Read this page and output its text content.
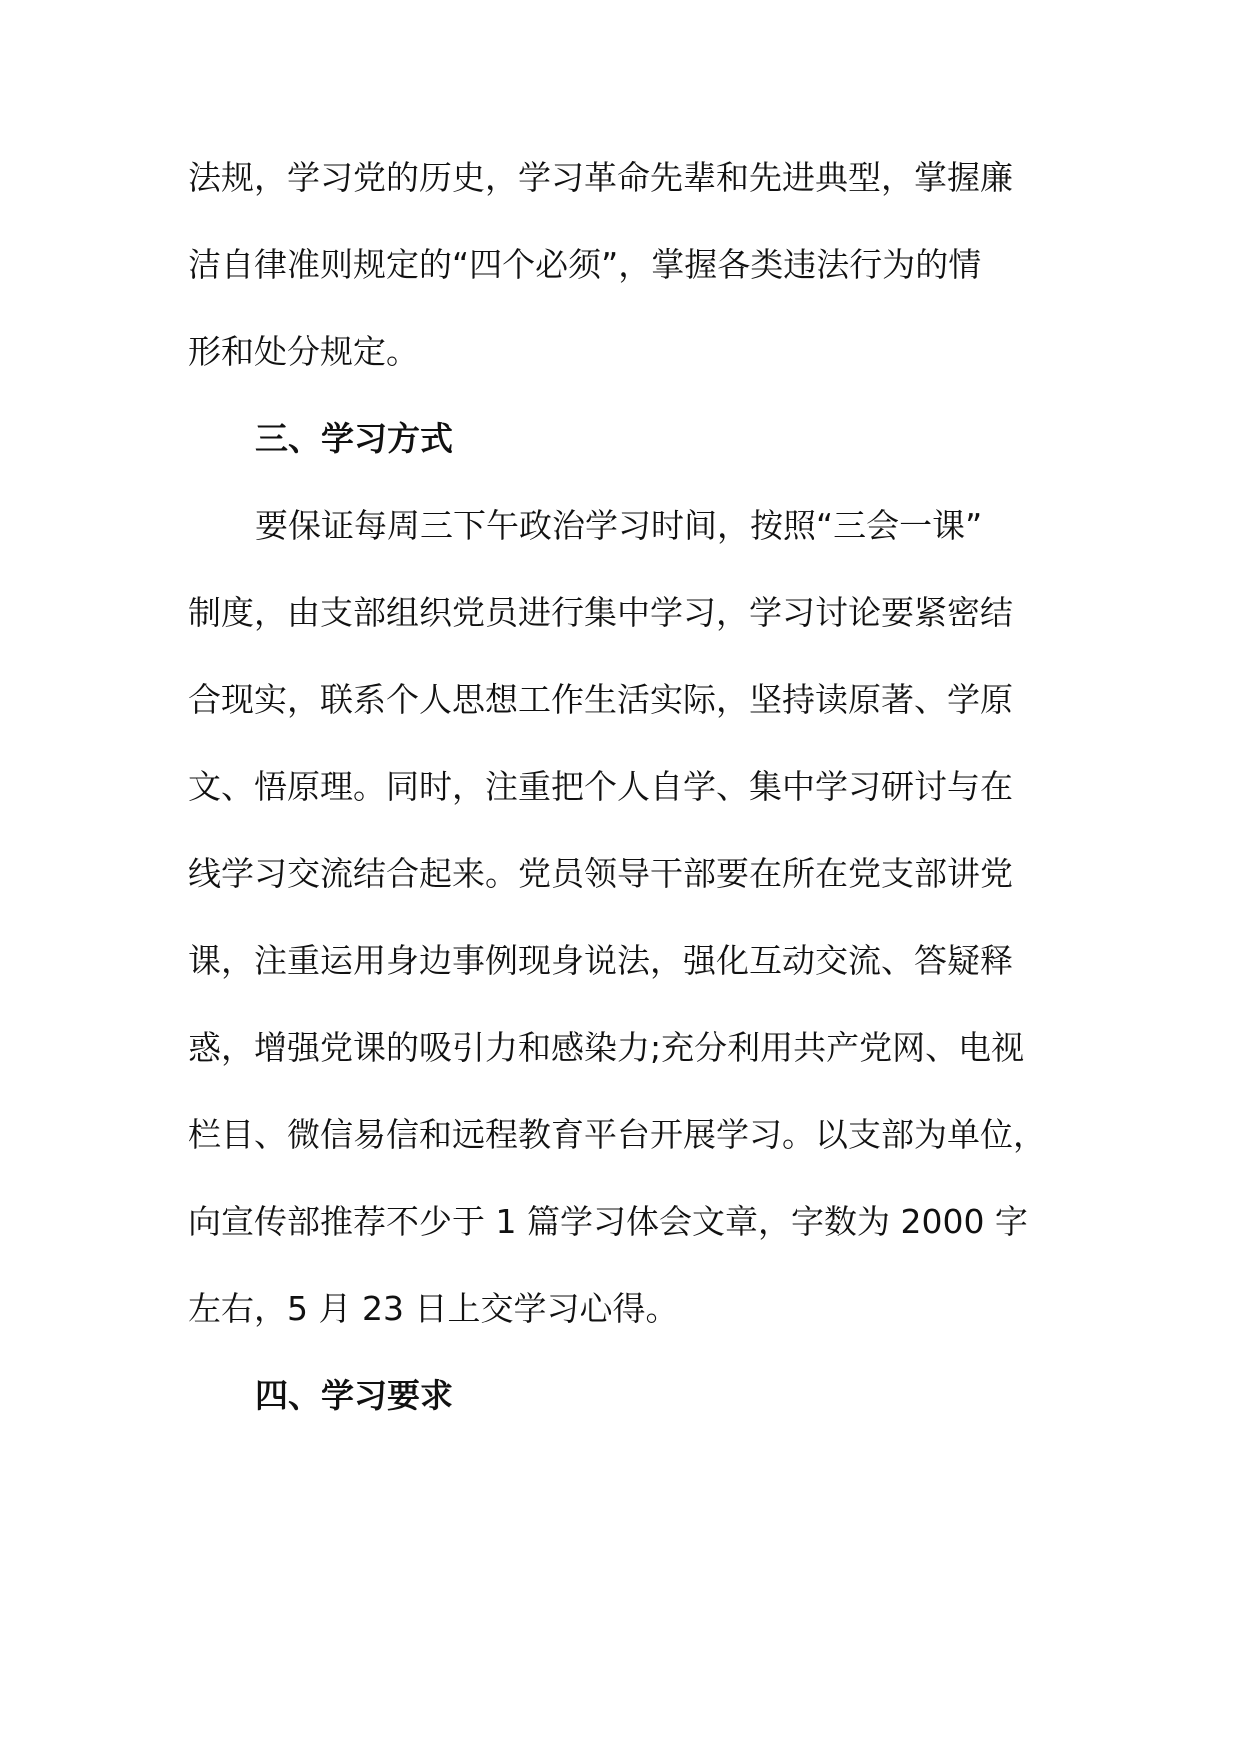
法规，学习党的历史，学习革命先辈和先进典型，掌握廉
洁自律准则规定的“四个必须”，掌握各类违法行为的情
形和处分规定。
三、学习方式
要保证每周三下午政治学习时间，按照“三会一课”
制度，由支部组织党员进行集中学习，学习讨论要紧密结
合现实，联系个人思想工作生活实际，坚持读原著、学原
文、悟原理。同时，注重把个人自学、集中学习研讨与在
线学习交流结合起来。党员领导干部要在所在党支部讲党
课，注重运用身边事例现身说法，强化互动交流、答疑释
惑，增强党课的吸引力和感染力;充分利用共产党网、电视
栏目、微信易信和远程教育平台开展学习。以支部为单位，
向宣传部推荐不少于 1 篇学习体会文章，字数为 2000 字
左右，5 月 23 日上交学习心得。
四、学习要求
